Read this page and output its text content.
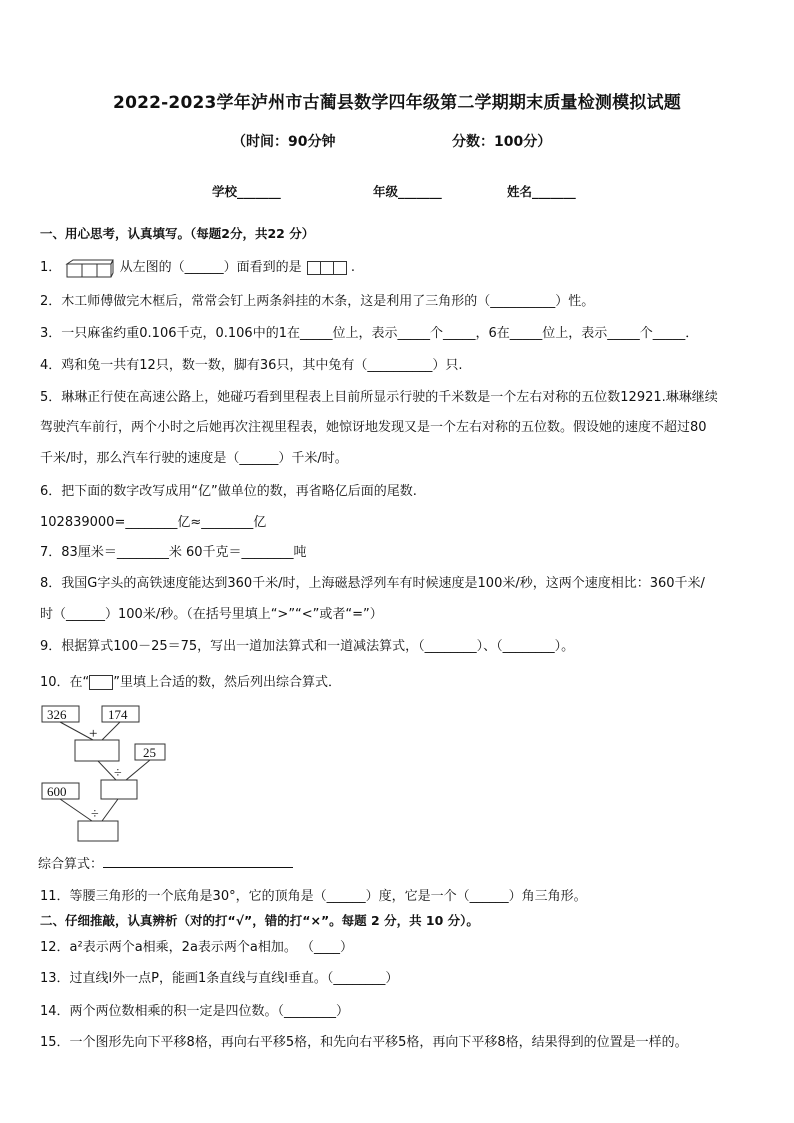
2022-2023学年泸州市古蔺县数学四年级第二学期期末质量检测模拟试题
（时间：90分钟	分数：100分）
学校_______	年级_______	姓名_______
一、用心思考，认真填写。（每题2分，共22 分）
1．	从左图的（______）面看到的是	.
2．木工师傅做完木框后，常常会钉上两条斜挂的木条，这是利用了三角形的（__________）性。
3．一只麻雀约重0.106千克，0.106中的1在_____位上，表示_____个_____，6在_____位上，表示_____个_____．
4．鸡和兔一共有12只，数一数，脚有36只，其中兔有（__________）只.
5．琳琳正行使在高速公路上，她碰巧看到里程表上目前所显示行驶的千米数是一个左右对称的五位数12921.琳琳继续
驾驶汽车前行，两个小时之后她再次注视里程表，她惊讶地发现又是一个左右对称的五位数。假设她的速度不超过80
千米/时，那么汽车行驶的速度是（______）千米/时。
6．把下面的数字改写成用“亿”做单位的数，再省略亿后面的尾数.
102839000=________亿≈________亿
7．83厘米＝________米 60千克＝________吨
8．我国G字头的高铁速度能达到360千米/时，上海磁悬浮列车有时候速度是100米/秒，这两个速度相比：360千米/
时（______）100米/秒。（在括号里填上“>”“<”或者“=”）
9．根据算式100－25＝75，写出一道加法算式和一道减法算式，（________）、（________）。
10．在“ ”里填上合适的数，然后列出综合算式．
326	174
+
25
÷
600
÷
综合算式：
11．等腰三角形的一个底角是30°，它的顶角是（______）度，它是一个（______）角三角形。
二、仔细推敲，认真辨析（对的打“√”，错的打“×”。每题 2 分，共 10 分）。
12．a²表示两个a相乘，2a表示两个a相加。 （____）
13．过直线l外一点P，能画1条直线与直线l垂直。（________）
14．两个两位数相乘的积一定是四位数。（________）
15．一个图形先向下平移8格，再向右平移5格，和先向右平移5格，再向下平移8格，结果得到的位置是一样的。
